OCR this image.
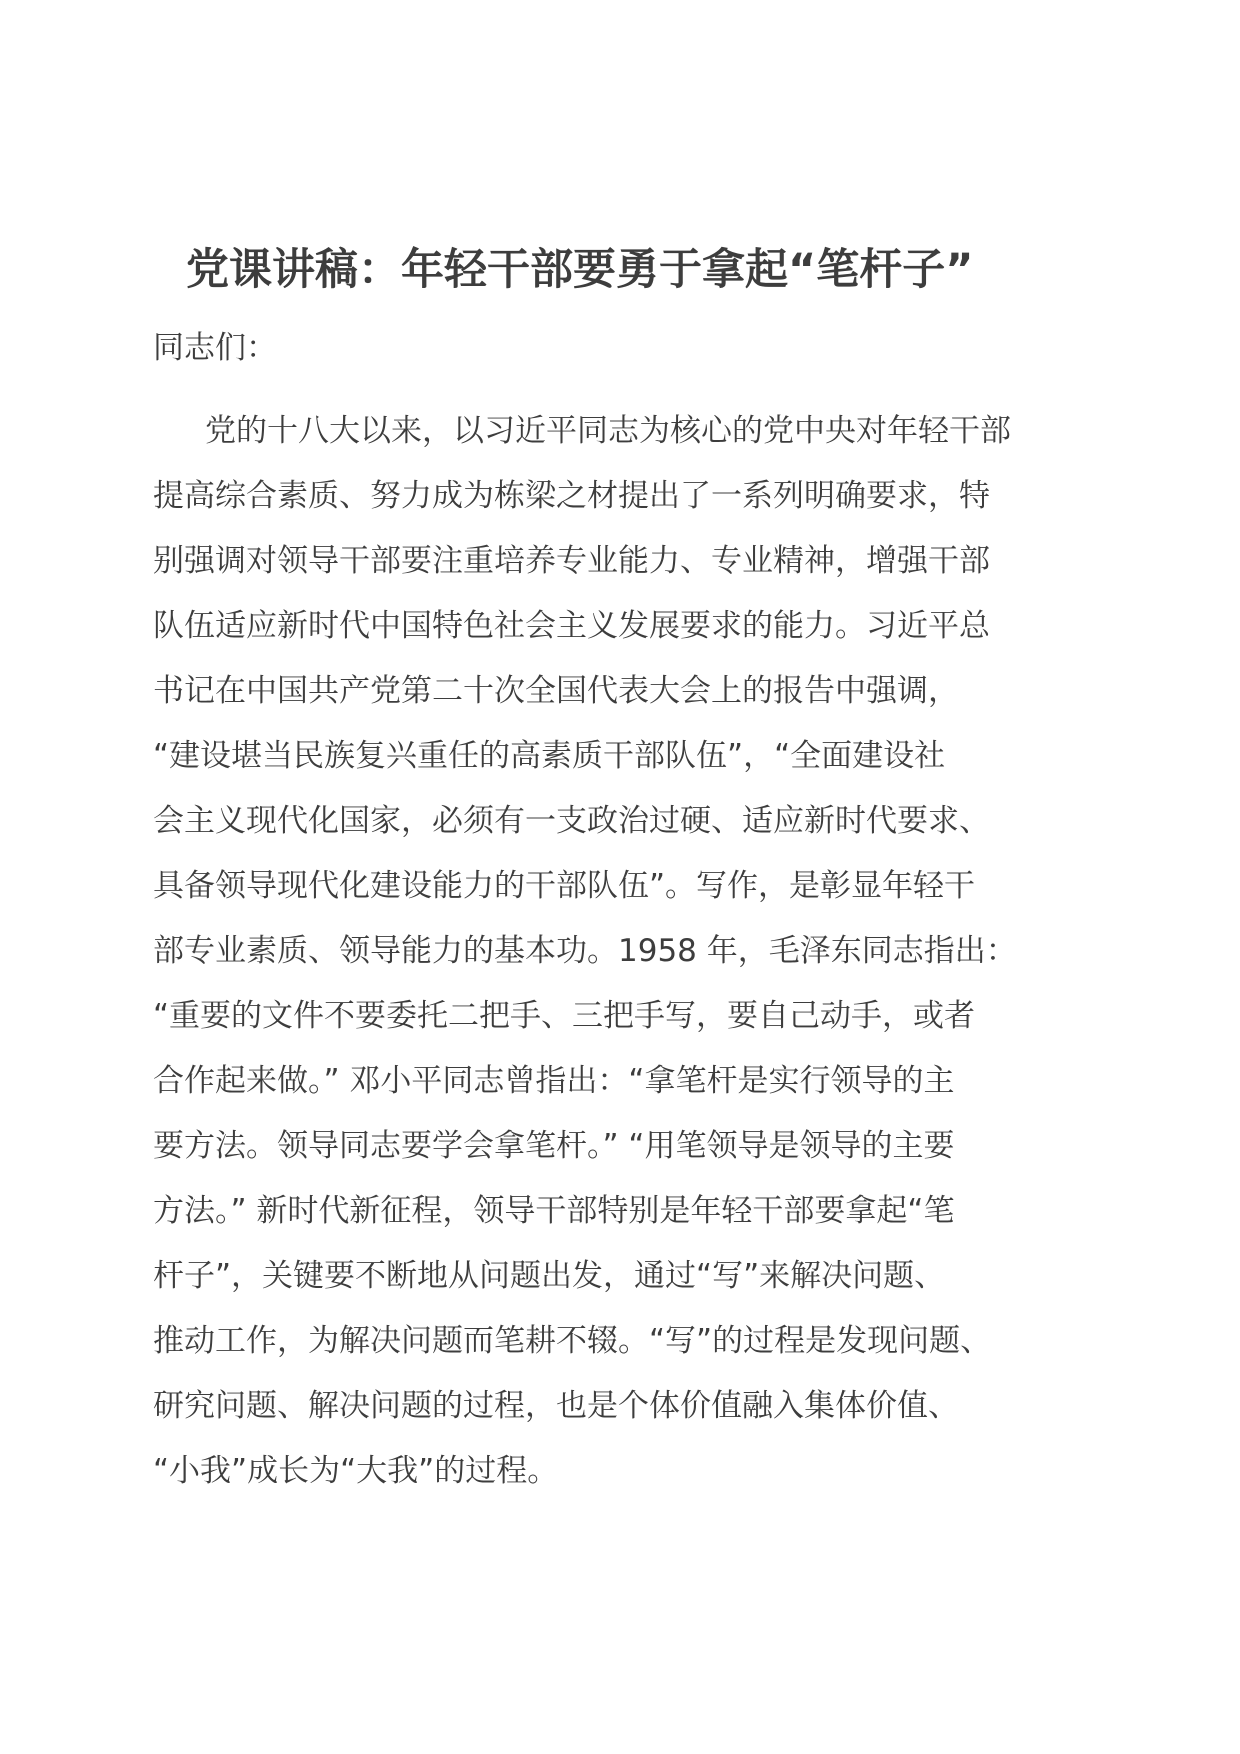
党课讲稿：年轻干部要勇于拿起“笔杆子”

同志们：

党的十八大以来，以习近平同志为核心的党中央对年轻干部
提高综合素质、努力成为栋梁之材提出了一系列明确要求，特
别强调对领导干部要注重培养专业能力、专业精神，增强干部
队伍适应新时代中国特色社会主义发展要求的能力。习近平总
书记在中国共产党第二十次全国代表大会上的报告中强调，
“建设堪当民族复兴重任的高素质干部队伍”，“全面建设社
会主义现代化国家，必须有一支政治过硬、适应新时代要求、
具备领导现代化建设能力的干部队伍”。写作，是彰显年轻干
部专业素质、领导能力的基本功。1958 年，毛泽东同志指出：
“重要的文件不要委托二把手、三把手写，要自己动手，或者
合作起来做。” 邓小平同志曾指出：“拿笔杆是实行领导的主
要方法。领导同志要学会拿笔杆。” “用笔领导是领导的主要
方法。” 新时代新征程，领导干部特别是年轻干部要拿起“笔
杆子”，关键要不断地从问题出发，通过“写”来解决问题、
推动工作，为解决问题而笔耕不辍。“写”的过程是发现问题、
研究问题、解决问题的过程，也是个体价值融入集体价值、
“小我”成长为“大我”的过程。
